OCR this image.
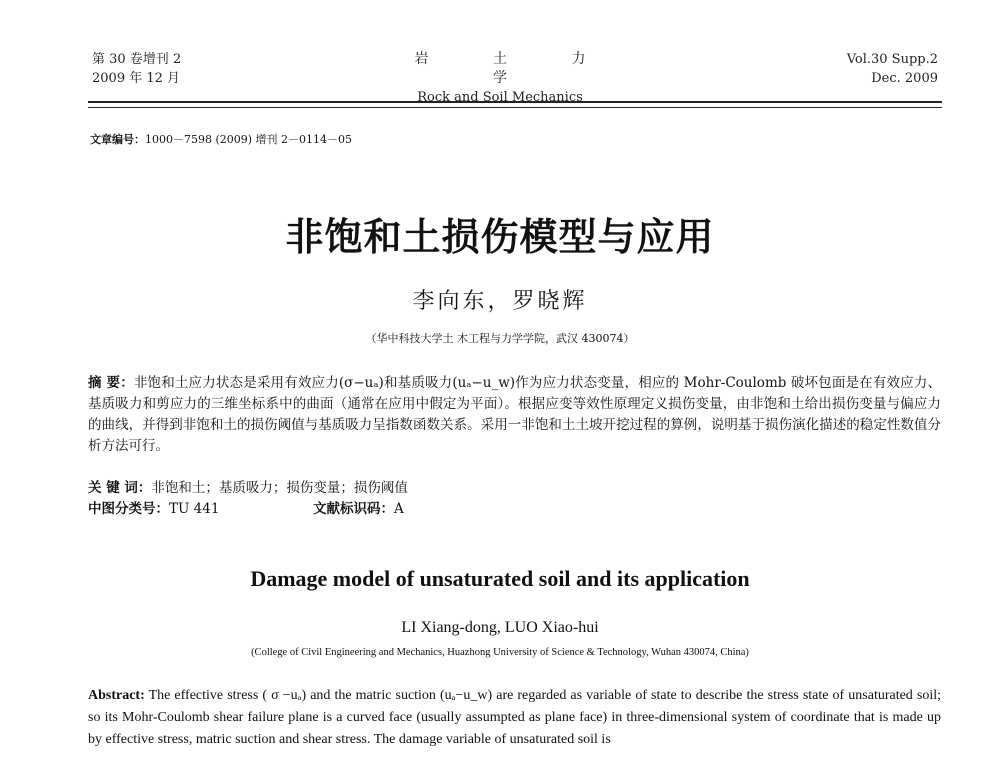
第 30 卷增刊 2
2009 年 12 月
岩 土 力 学
Rock and Soil Mechanics
Vol.30 Supp.2
Dec. 2009
文章编号：1000－7598 (2009) 增刊 2－0114－05
非饱和土损伤模型与应用
李向东，罗晓辉
（华中科技大学土 木工程与力学学院，武汉 430074）
摘 要：非饱和土应力状态是采用有效应力(σ−uₐ)和基质吸力(uₐ−u_w)作为应力状态变量，相应的 Mohr-Coulomb 破坏包面是在有效应力、基质吸力和剪应力的三维坐标系中的曲面（通常在应用中假定为平面）。根据应变等效性原理定义损伤变量，由非饱和土给出损伤变量与偏应力的曲线，并得到非饱和土的损伤阈值与基质吸力呈指数函数关系。采用一非饱和土土坡开挖过程的算例，说明基于损伤演化描述的稳定性数值分析方法可行。
关 键 词：非饱和土；基质吸力；损伤变量；损伤阈值
中图分类号：TU 441	文献标识码：A
Damage model of unsaturated soil and its application
LI Xiang-dong, LUO Xiao-hui
(College of Civil Engineering and Mechanics, Huazhong University of Science & Technology, Wuhan 430074, China)
Abstract: The effective stress ( σ −uₐ) and the matric suction (uₐ−u_w) are regarded as variable of state to describe the stress state of unsaturated soil; so its Mohr-Coulomb shear failure plane is a curved face (usually assumpted as plane face) in three-dimensional system of coordinate that is made up by effective stress, matric suction and shear stress. The damage variable of unsaturated soil is
